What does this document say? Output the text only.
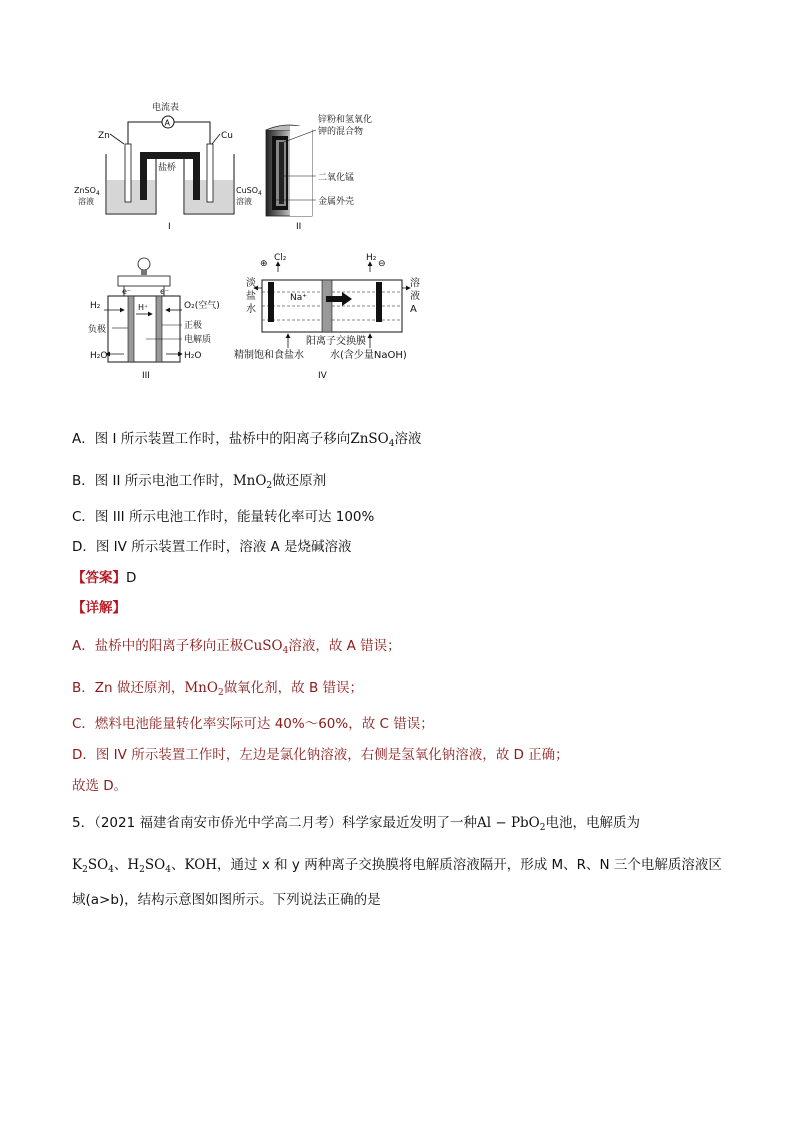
电流表
A
Zn	Cu
盐桥
ZnSO$_4$
溶液
CuSO$_4$
溶液
I
锌粉和氢氧化
钾的混合物
二氧化锰
金属外壳
II
e⁻	e⁻
H⁺
H₂
负极
H₂O
O₂(空气)
正极
电解质
H₂O
III
⊕	⊖
Cl₂	H₂
Na⁺
淡
盐
水
溶
液
A
阳离子交换膜
精制饱和食盐水	水(含少量NaOH)
IV
A．图 I 所示装置工作时，盐桥中的阳离子移向ZnSO$_4$溶液
B．图 II 所示电池工作时，MnO$_2$做还原剂
C．图 III 所示电池工作时，能量转化率可达 100%
D．图 IV 所示装置工作时，溶液 A 是烧碱溶液
【答案】D
【详解】
A．盐桥中的阳离子移向正极CuSO$_4$溶液，故 A 错误；
B．Zn 做还原剂，MnO$_2$做氧化剂，故 B 错误；
C．燃料电池能量转化率实际可达 40%～60%，故 C 错误；
D．图 IV 所示装置工作时，左边是氯化钠溶液，右侧是氢氧化钠溶液，故 D 正确；
故选 D。
5．（2021 福建省南安市侨光中学高二月考）科学家最近发明了一种Al − PbO$_2$电池，电解质为
$K_2SO_4$、$H_2SO_4$、KOH，通过 x 和 y 两种离子交换膜将电解质溶液隔开，形成 M、R、N 三个电解质溶液区
域(a>b)，结构示意图如图所示。下列说法正确的是
